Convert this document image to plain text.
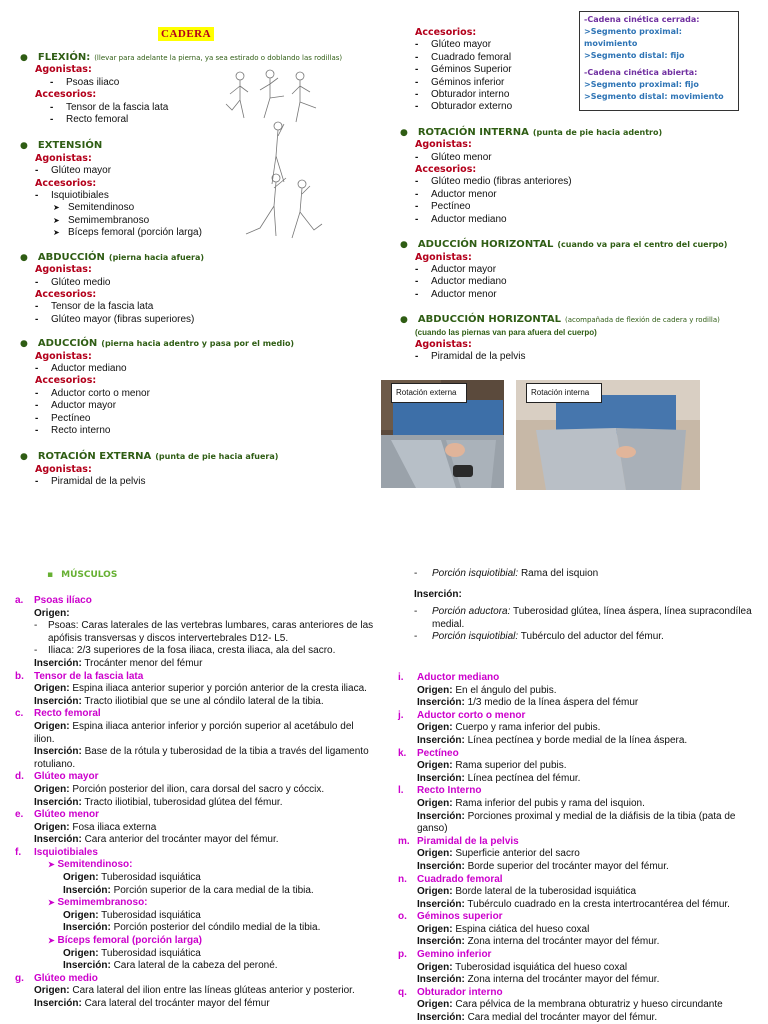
CADERA
● FLEXIÓN: (llevar para adelante la pierna, ya sea estirado o doblando las rodillas)
Agonistas:
-	Psoas iliaco
Accesorios:
-	Tensor de la fascia lata
-	Recto femoral
● EXTENSIÓN
Agonistas:
-	Glúteo mayor
Accesorios:
-	Isquiotibiales
➤ Semitendinoso
➤ Semimembranoso
➤ Bíceps femoral (porción larga)
● ABDUCCIÓN (pierna hacia afuera)
Agonistas:
-	Glúteo medio
Accesorios:
-	Tensor de la fascia lata
-	Glúteo mayor (fibras superiores)
● ADUCCIÓN (pierna hacia adentro y pasa por el medio)
Agonistas:
-	Aductor mediano
Accesorios:
-	Aductor corto o menor
-	Aductor mayor
-	Pectíneo
-	Recto interno
● ROTACIÓN EXTERNA (punta de pie hacia afuera)
Agonistas:
-	Piramidal de la pelvis
Accesorios:
-	Glúteo mayor
-	Cuadrado femoral
-	Géminos Superior
-	Géminos inferior
-	Obturador interno
-	Obturador externo
● ROTACIÓN INTERNA (punta de pie hacia adentro)
Agonistas:
-	Glúteo menor
Accesorios:
-	Glúteo medio (fibras anteriores)
-	Aductor menor
-	Pectíneo
-	Aductor mediano
● ADUCCIÓN HORIZONTAL (cuando va para el centro del cuerpo)
Agonistas:
-	Aductor mayor
-	Aductor mediano
-	Aductor menor
● ABDUCCIÓN HORIZONTAL (acompañada de flexión de cadera y rodilla)
(cuando las piernas van para afuera del cuerpo)
Agonistas:
-	Piramidal de la pelvis
-Cadena cinética cerrada:
>Segmento proximal: movimiento
>Segmento distal: fijo
-Cadena cinética abierta:
>Segmento proximal: fijo
>Segmento distal: movimiento
Rotación externa	Rotación interna
▪ MÚSCULOS
a.	Psoas ilíaco
Origen:
-	Psoas: Caras laterales de las vertebras lumbares, caras anteriores de las apófisis transversas y discos intervertebrales D12- L5.
-	Iliaca: 2/3 superiores de la fosa iliaca, cresta iliaca, ala del sacro.
Inserción: Trocánter menor del fémur
b.	Tensor de la fascia lata
Origen: Espina iliaca anterior superior y porción anterior de la cresta iliaca.
Inserción: Tracto iliotibial que se une al cóndilo lateral de la tibia.
c.	Recto femoral
Origen: Espina iliaca anterior inferior y porción superior al acetábulo del ilion.
Inserción: Base de la rótula y tuberosidad de la tibia a través del ligamento rotuliano.
d.	Glúteo mayor
Origen: Porción posterior del ilion, cara dorsal del sacro y cóccix.
Inserción: Tracto iliotibial, tuberosidad glútea del fémur.
e.	Glúteo menor
Origen: Fosa iliaca externa
Inserción: Cara anterior del trocánter mayor del fémur.
f.	Isquiotibiales
➤ Semitendinoso:
Origen: Tuberosidad isquiática
Inserción: Porción superior de la cara medial de la tibia.
➤ Semimembranoso:
Origen: Tuberosidad isquiática
Inserción: Porción posterior del cóndilo medial de la tibia.
➤ Bíceps femoral (porción larga)
Origen: Tuberosidad isquiática
Inserción: Cara lateral de la cabeza del peroné.
g.	Glúteo medio
Origen: Cara lateral del ilion entre las líneas glúteas anterior y posterior.
Inserción: Cara lateral del trocánter mayor del fémur
-	Porción isquiotibial: Rama del isquion
Inserción:
-	Porción aductora: Tuberosidad glútea, línea áspera, línea supracondílea medial.
-	Porción isquiotibial: Tubérculo del aductor del fémur.
i.	Aductor mediano
Origen: En el ángulo del pubis.
Inserción: 1/3 medio de la línea áspera del fémur
j.	Aductor corto o menor
Origen: Cuerpo y rama inferior del pubis.
Inserción: Línea pectínea y borde medial de la línea áspera.
k.	Pectíneo
Origen: Rama superior del pubis.
Inserción: Línea pectínea del fémur.
l.	Recto Interno
Origen: Rama inferior del pubis y rama del isquion.
Inserción: Porciones proximal y medial de la diáfisis de la tibia (pata de ganso)
m. Piramidal de la pelvis
Origen: Superficie anterior del sacro
Inserción: Borde superior del trocánter mayor del fémur.
n.	Cuadrado femoral
Origen: Borde lateral de la tuberosidad isquiática
Inserción: Tubérculo cuadrado en la cresta intertrocantérea del fémur.
o.	Géminos superior
Origen: Espina ciática del hueso coxal
Inserción: Zona interna del trocánter mayor del fémur.
p.	Gemino inferior
Origen: Tuberosidad isquiática del hueso coxal
Inserción: Zona interna del trocánter mayor del fémur.
q.	Obturador interno
Origen: Cara pélvica de la membrana obturatriz y hueso circundante
Inserción: Cara medial del trocánter mayor del fémur.
